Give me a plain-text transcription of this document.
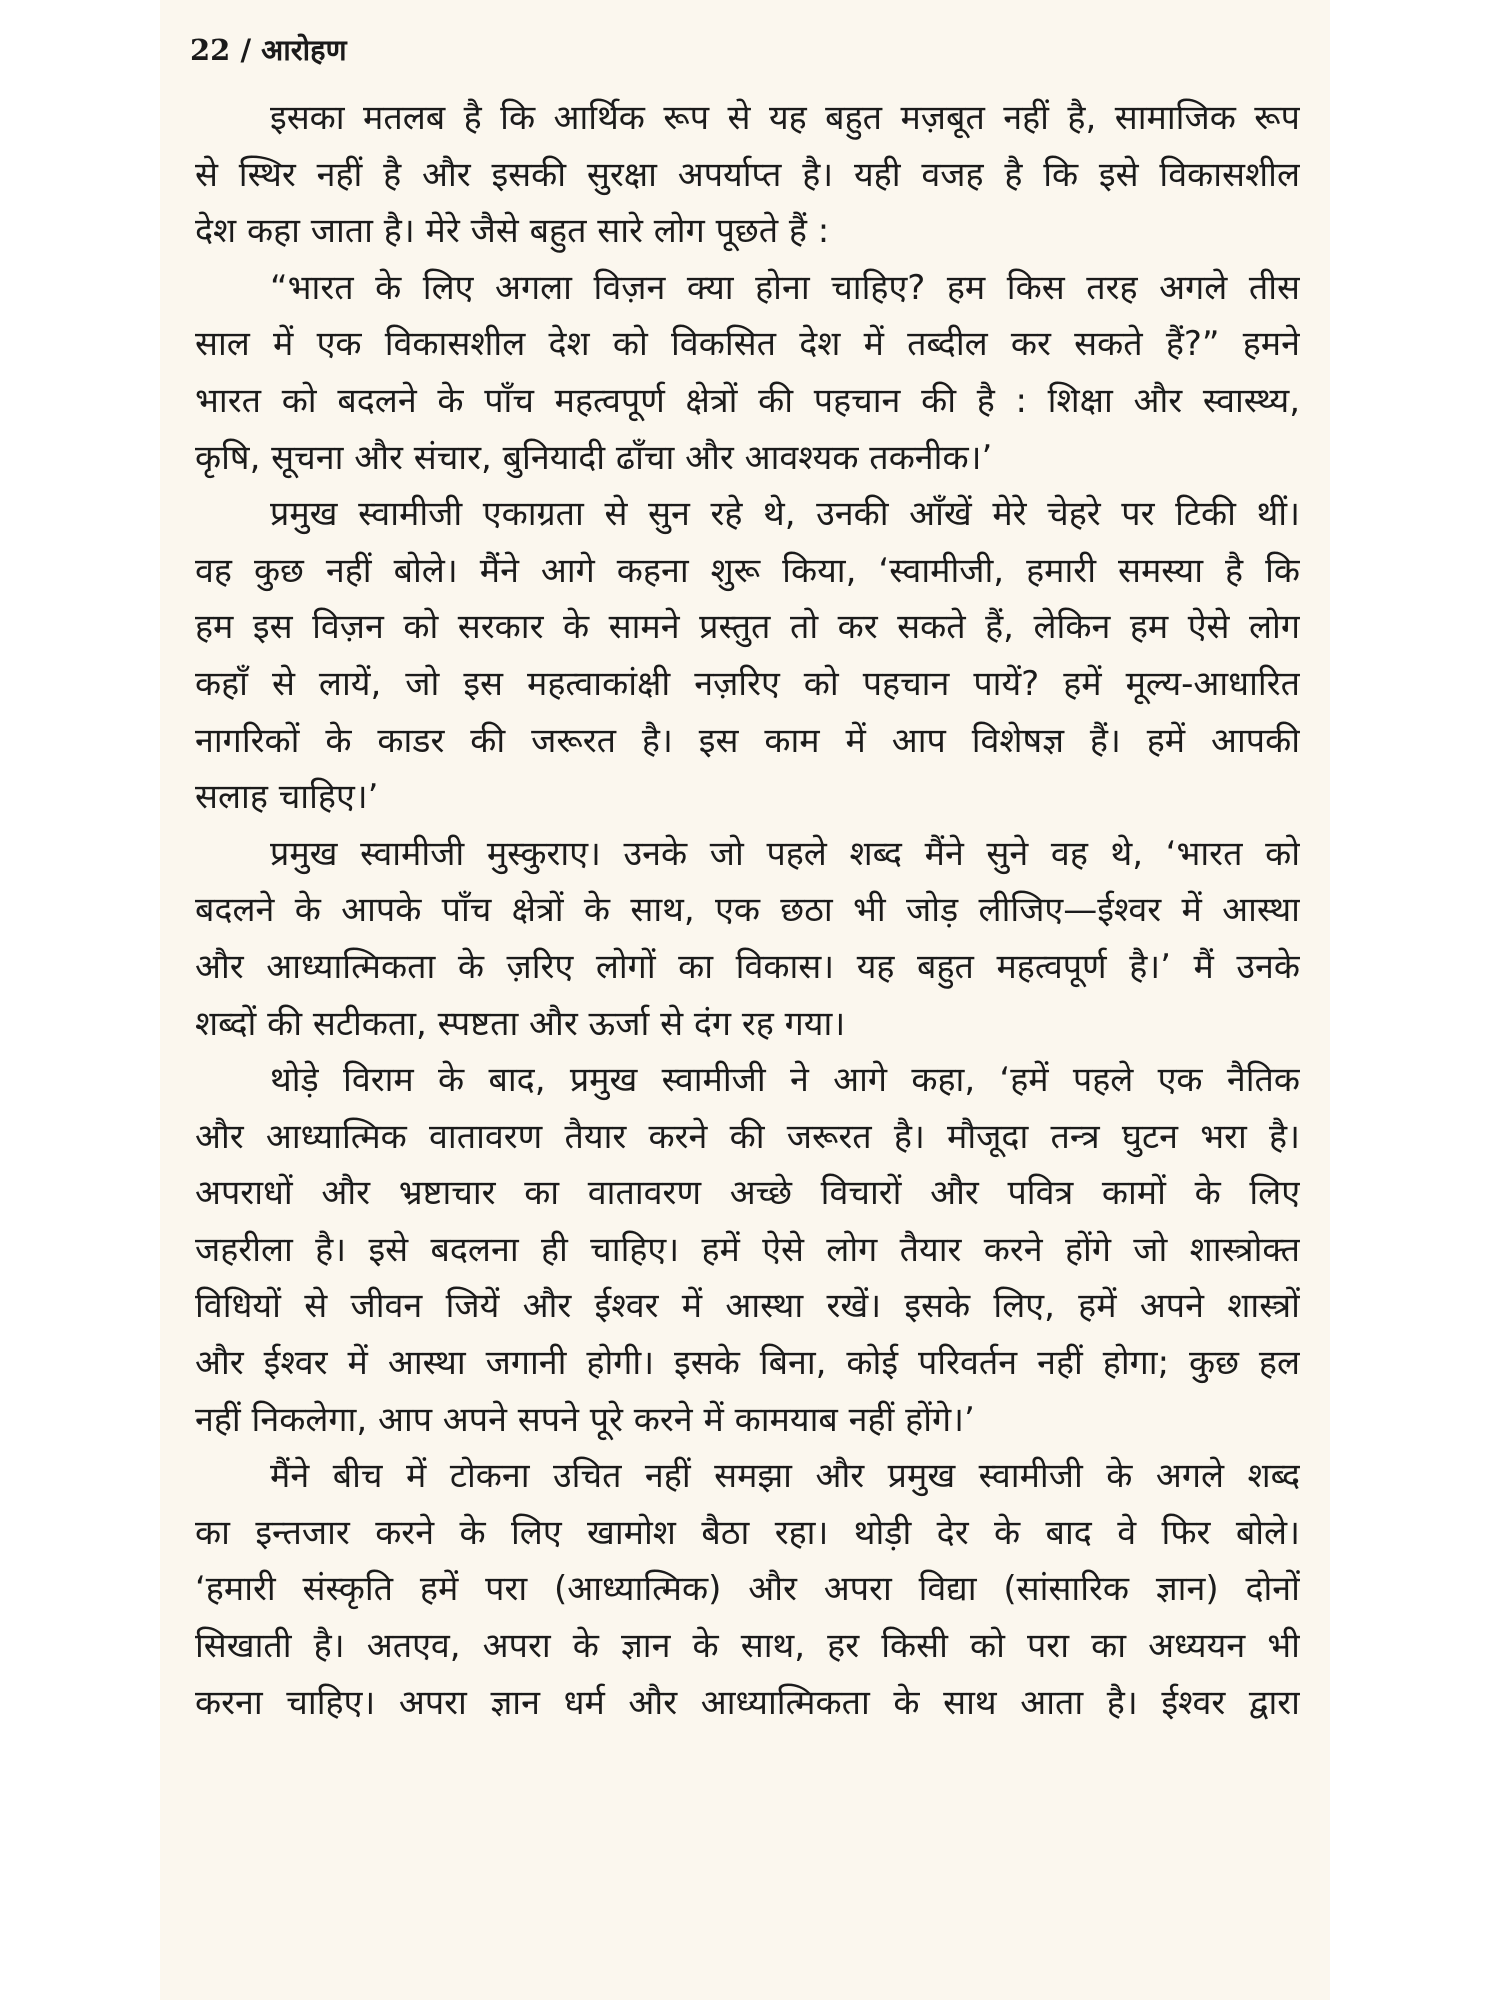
22 / आरोहण
इसका मतलब है कि आर्थिक रूप से यह बहुत मज़बूत नहीं है, सामाजिक रूप
से स्थिर नहीं है और इसकी सुरक्षा अपर्याप्त है। यही वजह है कि इसे विकासशील
देश कहा जाता है। मेरे जैसे बहुत सारे लोग पूछते हैं :
“भारत के लिए अगला विज़न क्या होना चाहिए? हम किस तरह अगले तीस
साल में एक विकासशील देश को विकसित देश में तब्दील कर सकते हैं?” हमने
भारत को बदलने के पाँच महत्वपूर्ण क्षेत्रों की पहचान की है : शिक्षा और स्वास्थ्य,
कृषि, सूचना और संचार, बुनियादी ढाँचा और आवश्यक तकनीक।’
प्रमुख स्वामीजी एकाग्रता से सुन रहे थे, उनकी आँखें मेरे चेहरे पर टिकी थीं।
वह कुछ नहीं बोले। मैंने आगे कहना शुरू किया, ‘स्वामीजी, हमारी समस्या है कि
हम इस विज़न को सरकार के सामने प्रस्तुत तो कर सकते हैं, लेकिन हम ऐसे लोग
कहाँ से लायें, जो इस महत्वाकांक्षी नज़रिए को पहचान पायें? हमें मूल्य-आधारित
नागरिकों के काडर की जरूरत है। इस काम में आप विशेषज्ञ हैं। हमें आपकी
सलाह चाहिए।’
प्रमुख स्वामीजी मुस्कुराए। उनके जो पहले शब्द मैंने सुने वह थे, ‘भारत को
बदलने के आपके पाँच क्षेत्रों के साथ, एक छठा भी जोड़ लीजिए—ईश्वर में आस्था
और आध्यात्मिकता के ज़रिए लोगों का विकास। यह बहुत महत्वपूर्ण है।’ मैं उनके
शब्दों की सटीकता, स्पष्टता और ऊर्जा से दंग रह गया।
थोड़े विराम के बाद, प्रमुख स्वामीजी ने आगे कहा, ‘हमें पहले एक नैतिक
और आध्यात्मिक वातावरण तैयार करने की जरूरत है। मौजूदा तन्त्र घुटन भरा है।
अपराधों और भ्रष्टाचार का वातावरण अच्छे विचारों और पवित्र कामों के लिए
जहरीला है। इसे बदलना ही चाहिए। हमें ऐसे लोग तैयार करने होंगे जो शास्त्रोक्त
विधियों से जीवन जियें और ईश्वर में आस्था रखें। इसके लिए, हमें अपने शास्त्रों
और ईश्वर में आस्था जगानी होगी। इसके बिना, कोई परिवर्तन नहीं होगा; कुछ हल
नहीं निकलेगा, आप अपने सपने पूरे करने में कामयाब नहीं होंगे।’
मैंने बीच में टोकना उचित नहीं समझा और प्रमुख स्वामीजी के अगले शब्द
का इन्तजार करने के लिए खामोश बैठा रहा। थोड़ी देर के बाद वे फिर बोले।
‘हमारी संस्कृति हमें परा (आध्यात्मिक) और अपरा विद्या (सांसारिक ज्ञान) दोनों
सिखाती है। अतएव, अपरा के ज्ञान के साथ, हर किसी को परा का अध्ययन भी
करना चाहिए। अपरा ज्ञान धर्म और आध्यात्मिकता के साथ आता है। ईश्वर द्वारा
